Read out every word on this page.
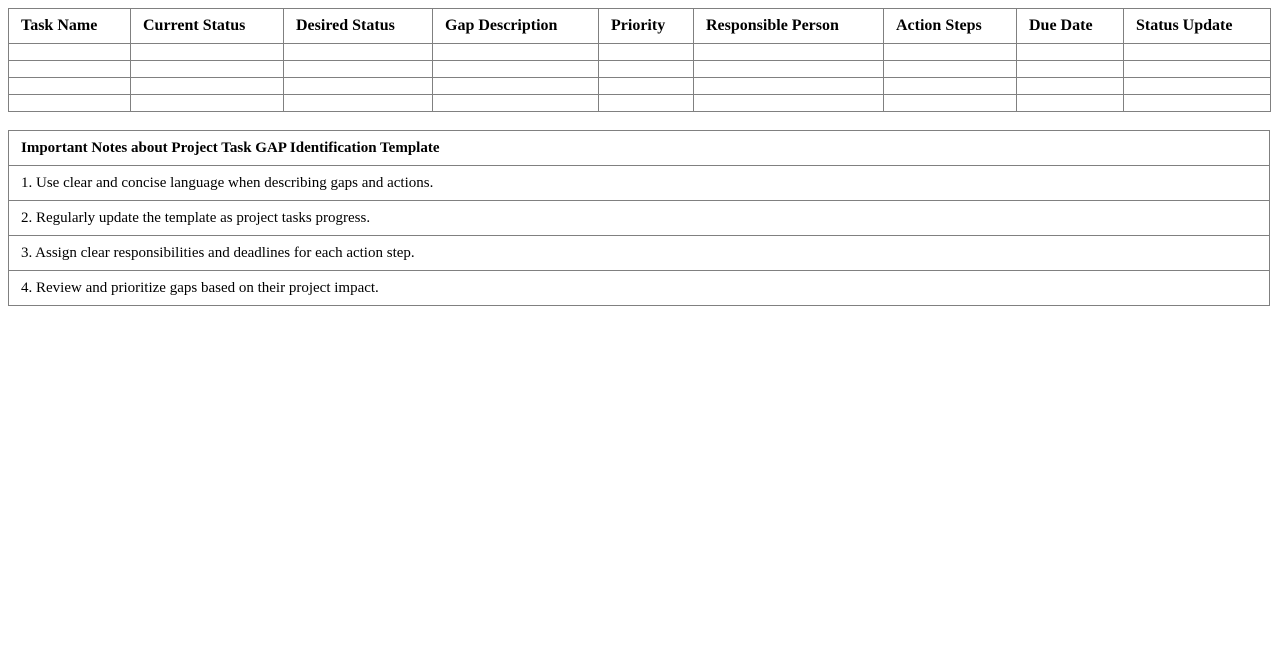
Task Name	Current Status	Desired Status	Gap Description	Priority	Responsible Person	Action Steps	Due Date	Status Update

Important Notes about Project Task GAP Identification Template
1. Use clear and concise language when describing gaps and actions.
2. Regularly update the template as project tasks progress.
3. Assign clear responsibilities and deadlines for each action step.
4. Review and prioritize gaps based on their project impact.
